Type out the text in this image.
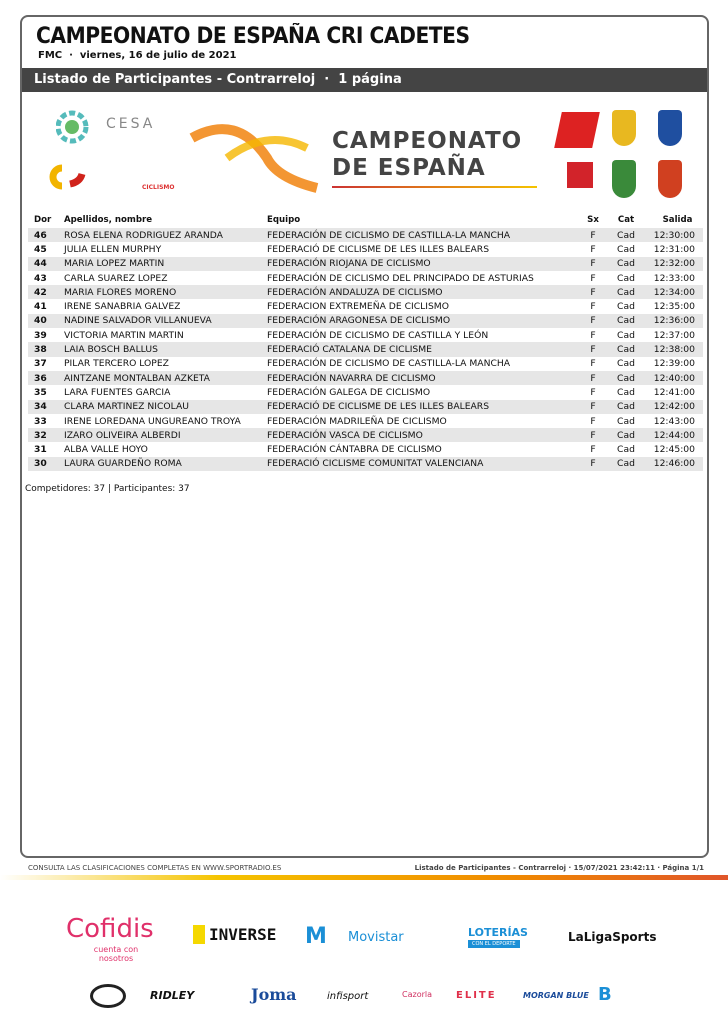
CAMPEONATO DE ESPAÑA CRI CADETES
FMC  ·  viernes, 16 de julio de 2021
Listado de Participantes - Contrarreloj  ·  1 página
CESA
CICLISMO
CAMPEONATO
DE ESPAÑA
Dor	Apellidos, nombre	Equipo	Sx	Cat	Salida
46	ROSA ELENA RODRIGUEZ ARANDA	FEDERACIÓN DE CICLISMO DE CASTILLA-LA MANCHA	F	Cad	12:30:00
45	JULIA ELLEN MURPHY	FEDERACIÓ DE CICLISME DE LES ILLES BALEARS	F	Cad	12:31:00
44	MARIA LOPEZ MARTIN	FEDERACIÓN RIOJANA DE CICLISMO	F	Cad	12:32:00
43	CARLA SUAREZ LOPEZ	FEDERACIÓN DE CICLISMO DEL PRINCIPADO DE ASTURIAS	F	Cad	12:33:00
42	MARIA FLORES MORENO	FEDERACIÓN ANDALUZA DE CICLISMO	F	Cad	12:34:00
41	IRENE SANABRIA GALVEZ	FEDERACION EXTREMEÑA DE CICLISMO	F	Cad	12:35:00
40	NADINE SALVADOR VILLANUEVA	FEDERACIÓN ARAGONESA DE CICLISMO	F	Cad	12:36:00
39	VICTORIA MARTIN MARTIN	FEDERACIÓN DE CICLISMO DE CASTILLA Y LEÓN	F	Cad	12:37:00
38	LAIA BOSCH BALLUS	FEDERACIÓ CATALANA DE CICLISME	F	Cad	12:38:00
37	PILAR TERCERO LOPEZ	FEDERACIÓN DE CICLISMO DE CASTILLA-LA MANCHA	F	Cad	12:39:00
36	AINTZANE MONTALBAN AZKETA	FEDERACIÓN NAVARRA DE CICLISMO	F	Cad	12:40:00
35	LARA FUENTES GARCIA	FEDERACIÓN GALEGA DE CICLISMO	F	Cad	12:41:00
34	CLARA MARTINEZ NICOLAU	FEDERACIÓ DE CICLISME DE LES ILLES BALEARS	F	Cad	12:42:00
33	IRENE LOREDANA UNGUREANO TROYA	FEDERACIÓN MADRILEÑA DE CICLISMO	F	Cad	12:43:00
32	IZARO OLIVEIRA ALBERDI	FEDERACIÓN VASCA DE CICLISMO	F	Cad	12:44:00
31	ALBA VALLE HOYO	FEDERACIÓN CÁNTABRA DE CICLISMO	F	Cad	12:45:00
30	LAURA GUARDEÑO ROMA	FEDERACIÓ CICLISME COMUNITAT VALENCIANA	F	Cad	12:46:00
Competidores: 37 | Participantes: 37
CONSULTA LAS CLASIFICACIONES COMPLETAS EN WWW.SPORTRADIO.ES	Listado de Participantes - Contrarreloj · 15/07/2021 23:42:11 · Página 1/1
Cofidis
cuenta con nosotros
INVERSE M Movistar	LOTERÍAS
CON EL DEPORTE	LaLigaSports
RIDLEY	Joma	infisport	Cazorla ELITE	MORGAN BLUE B
